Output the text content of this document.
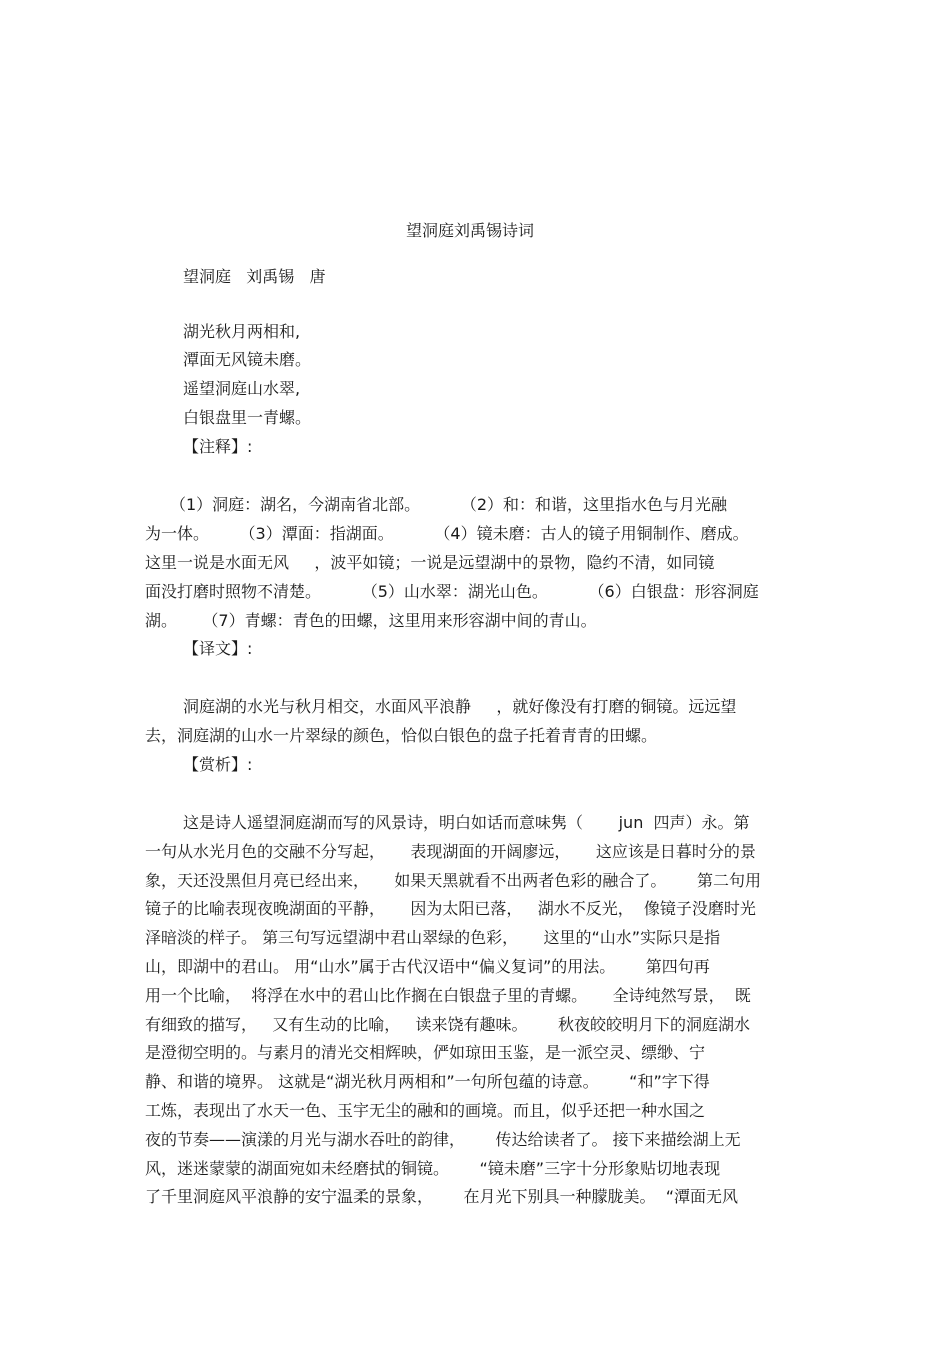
望洞庭刘禹锡诗词
望洞庭   刘禹锡   唐
湖光秋月两相和,
潭面无风镜未磨。
遥望洞庭山水翠,
白银盘里一青螺。
【注释】:
（1）洞庭：湖名，今湖南省北部。        （2）和：和谐，这里指水色与月光融
为一体。      （3）潭面：指湖面。        （4）镜未磨：古人的镜子用铜制作、磨成。
这里一说是水面无风     ，波平如镜；一说是远望湖中的景物，隐约不清，如同镜
面没打磨时照物不清楚。        （5）山水翠：湖光山色。        （6）白银盘：形容洞庭
湖。     （7）青螺：青色的田螺，这里用来形容湖中间的青山。
【译文】:
洞庭湖的水光与秋月相交，水面风平浪静     ，就好像没有打磨的铜镜。远远望
去，洞庭湖的山水一片翠绿的颜色，恰似白银色的盘子托着青青的田螺。
【赏析】:
这是诗人遥望洞庭湖而写的风景诗，明白如话而意味隽（       jun  四声）永。第
一句从水光月色的交融不分写起，     表现湖面的开阔廖远，     这应该是日暮时分的景
象，天还没黑但月亮已经出来，     如果天黑就看不出两者色彩的融合了。      第二句用
镜子的比喻表现夜晚湖面的平静，     因为太阳已落，   湖水不反光，  像镜子没磨时光
泽暗淡的样子。 第三句写远望湖中君山翠绿的色彩，     这里的“山水”实际只是指
山，即湖中的君山。 用“山水”属于古代汉语中“偏义复词”的用法。      第四句再
用一个比喻，  将浮在水中的君山比作搁在白银盘子里的青螺。     全诗纯然写景，  既
有细致的描写，   又有生动的比喻，   读来饶有趣味。      秋夜皎皎明月下的洞庭湖水
是澄彻空明的。与素月的清光交相辉映，俨如琼田玉鉴，是一派空灵、缥缈、宁
静、和谐的境界。 这就是“湖光秋月两相和”一句所包蕴的诗意。      “和”字下得
工炼，表现出了水天一色、玉宇无尘的融和的画境。而且，似乎还把一种水国之
夜的节奏——演漾的月光与湖水吞吐的韵律，      传达给读者了。 接下来描绘湖上无
风，迷迷蒙蒙的湖面宛如未经磨拭的铜镜。      “镜未磨”三字十分形象贴切地表现
了千里洞庭风平浪静的安宁温柔的景象，      在月光下别具一种朦胧美。  “潭面无风
